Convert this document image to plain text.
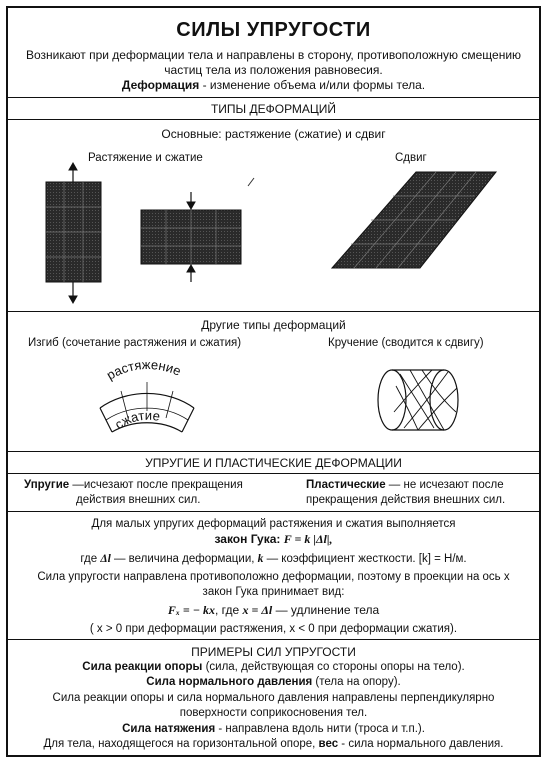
СИЛЫ УПРУГОСТИ
Возникают при деформации тела и направлены в сторону, противоположную смещению
частиц тела из положения равновесия.
Деформация - изменение объема и/или формы тела.
ТИПЫ ДЕФОРМАЦИЙ
Основные: растяжение (сжатие) и сдвиг
Растяжение и сжатие	Сдвиг
Другие типы деформаций
Изгиб (сочетание растяжения и сжатия)	Кручение (сводится к сдвигу)
растяжение
сжатие
УПРУГИЕ И ПЛАСТИЧЕСКИЕ ДЕФОРМАЦИИ
Упругие —исчезают после прекращения
действия внешних сил.
Пластические — не исчезают после
прекращения действия внешних сил.
Для малых упругих деформаций растяжения и сжатия выполняется
закон Гука: F = k |Δl|,
где Δl — величина деформации, k — коэффициент жесткости. [k] = Н/м.
Сила упругости направлена противоположно деформации, поэтому в проекции на ось x
закон Гука принимает вид:
Fₓ = − kx, где x = Δl — удлинение тела
( x > 0 при деформации растяжения, x < 0 при деформации сжатия).
ПРИМЕРЫ СИЛ УПРУГОСТИ
Сила реакции опоры (сила, действующая со стороны опоры на тело).
Сила нормального давления (тела на опору).
Сила реакции опоры и сила нормального давления направлены перпендикулярно
поверхности соприкосновения тел.
Сила натяжения - направлена вдоль нити (троса и т.п.).
Для тела, находящегося на горизонтальной опоре, вес - сила нормального давления.
